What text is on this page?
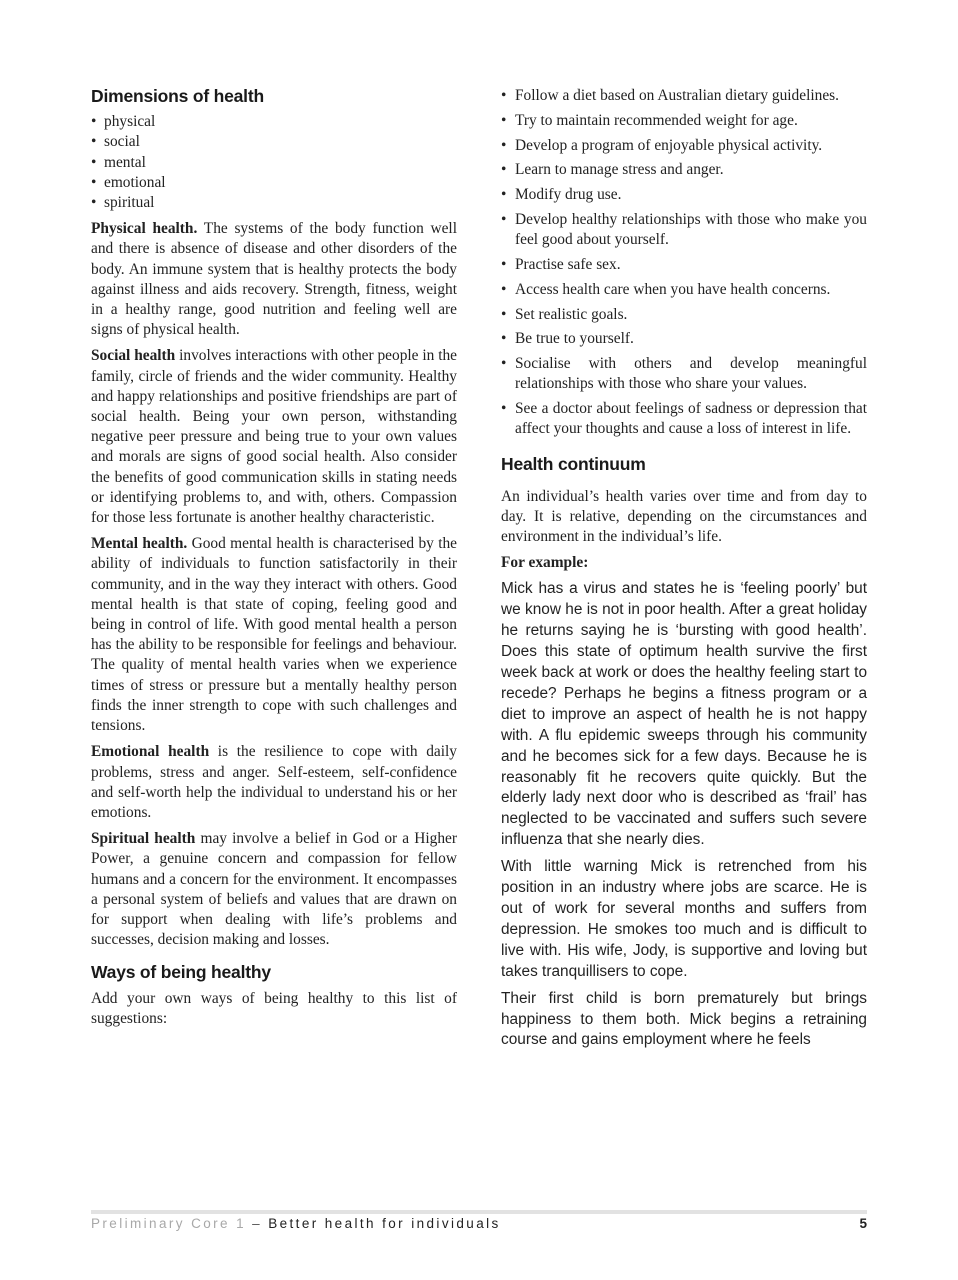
Dimensions of health
• physical
• social
• mental
• emotional
• spiritual

Physical health. The systems of the body function well and there is absence of disease and other disorders of the body. An immune system that is healthy protects the body against illness and aids recovery. Strength, fitness, weight in a healthy range, good nutrition and feeling well are signs of physical health.

Social health involves interactions with other people in the family, circle of friends and the wider community. Healthy and happy relationships and positive friendships are part of social health. Being your own person, withstanding negative peer pressure and being true to your own values and morals are signs of good social health. Also consider the benefits of good communication skills in stating needs or identifying problems to, and with, others. Compassion for those less fortunate is another healthy characteristic.

Mental health. Good mental health is characterised by the ability of individuals to function satisfactorily in their community, and in the way they interact with others. Good mental health is that state of coping, feeling good and being in control of life. With good mental health a person has the ability to be responsible for feelings and behaviour. The quality of mental health varies when we experience times of stress or pressure but a mentally healthy person finds the inner strength to cope with such challenges and tensions.

Emotional health is the resilience to cope with daily problems, stress and anger. Self-esteem, self-confidence and self-worth help the individual to understand his or her emotions.

Spiritual health may involve a belief in God or a Higher Power, a genuine concern and compassion for fellow humans and a concern for the environment. It encompasses a personal system of beliefs and values that are drawn on for support when dealing with life’s problems and successes, decision making and losses.

Ways of being healthy

Add your own ways of being healthy to this list of suggestions:

• Follow a diet based on Australian dietary guidelines.
• Try to maintain recommended weight for age.
• Develop a program of enjoyable physical activity.
• Learn to manage stress and anger.
• Modify drug use.
• Develop healthy relationships with those who make you feel good about yourself.
• Practise safe sex.
• Access health care when you have health concerns.
• Set realistic goals.
• Be true to yourself.
• Socialise with others and develop meaningful relationships with those who share your values.
• See a doctor about feelings of sadness or depression that affect your thoughts and cause a loss of interest in life.
Health continuum

An individual’s health varies over time and from day to day. It is relative, depending on the circumstances and environment in the individual’s life.

For example:

Mick has a virus and states he is ‘feeling poorly’ but we know he is not in poor health. After a great holiday he returns saying he is ‘bursting with good health’. Does this state of optimum health survive the first week back at work or does the healthy feeling start to recede? Perhaps he begins a fitness program or a diet to improve an aspect of health he is not happy with. A flu epidemic sweeps through his community and he becomes sick for a few days. Because he is reasonably fit he recovers quite quickly. But the elderly lady next door who is described as ‘frail’ has neglected to be vaccinated and suffers such severe influenza that she nearly dies.

With little warning Mick is retrenched from his position in an industry where jobs are scarce. He is out of work for several months and suffers from depression. He smokes too much and is difficult to live with. His wife, Jody, is supportive and loving but takes tranquillisers to cope.

Their first child is born prematurely but brings happiness to them both. Mick begins a retraining course and gains employment where he feels

Preliminary Core 1 – Better health for individuals	5
